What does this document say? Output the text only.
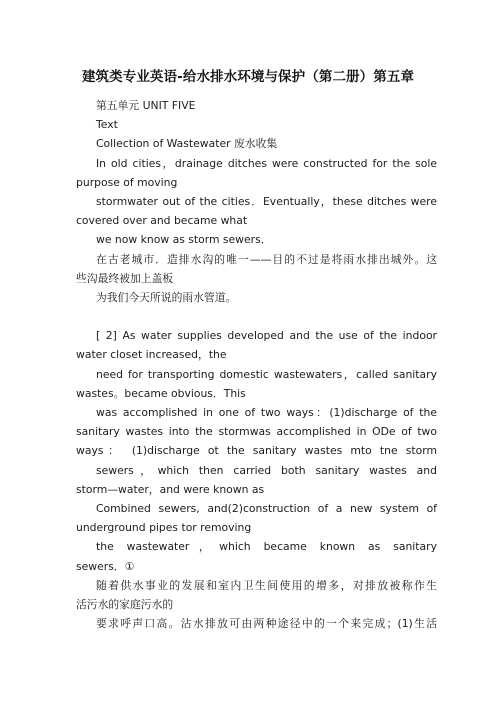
建筑类专业英语-给水排水环境与保护（第二册）第五章
第五单元 UNIT FIVE
Text
Collection of Wastewater 废水收集
In old cities，drainage ditches were constructed for the sole
purpose of moving
stormwater out of the cities．Eventually，these ditches were
covered over and became what
we now know as storm sewers．
在古老城市．造排水沟的唯一——目的不过是将雨水排出城外。这
些沟最终被加上盖板
为我们今天所说的雨水管道。
[ 2] As water supplies developed and the use of the indoor
water closet increased，the
need for transporting domestic wastewaters，called sanitary
wastes。became obvious．This
was accomplished in one of two ways：(1)discharge of the
sanitary wastes into the stormwas accomplished in ODe of two
ways： (1)discharge ot the sanitary wastes mto tne storm
sewers，which then carried both sanitary wastes and
storm—water，and were known as
Combined sewers, and(2)construction of a new system of
underground pipes tor removing
the wastewater，which became known as sanitary
sewers．①
随着供水事业的发展和室内卫生间使用的增多，对排放被称作生
活污水的家庭污水的
要求呼声口高。沾水排放可由两种途径中的一个来完成；(1)生活
